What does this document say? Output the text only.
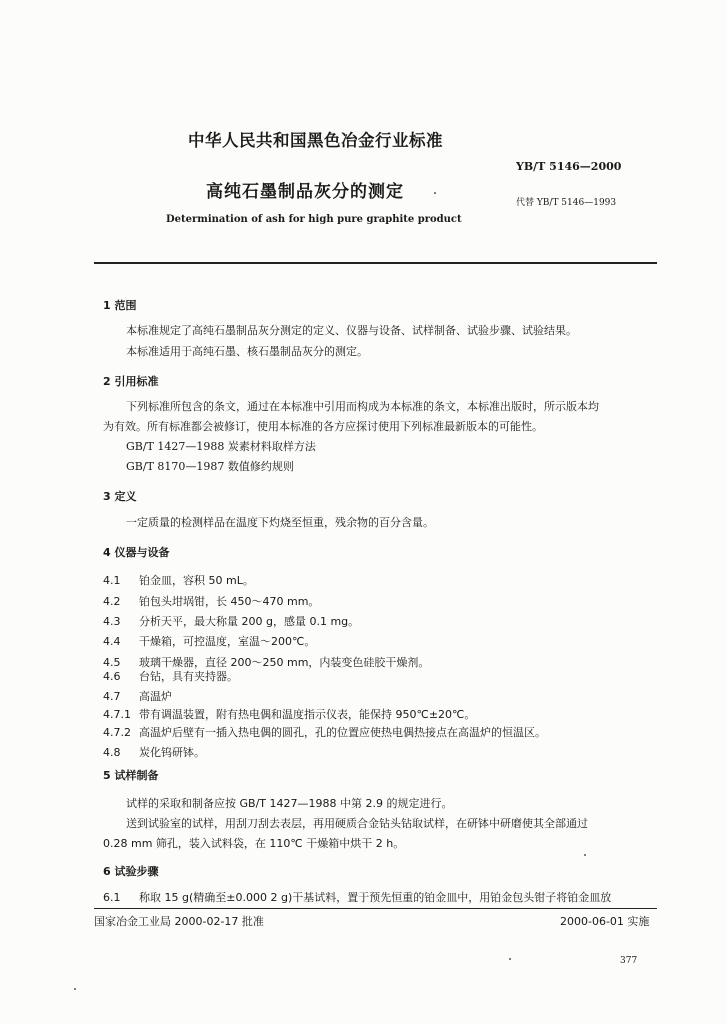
中华人民共和国黑色冶金行业标准
YB/T 5146—2000
高纯石墨制品灰分的测定
代替 YB/T 5146—1993
Determination of ash for high pure graphite product
1 范围
本标准规定了高纯石墨制品灰分测定的定义、仪器与设备、试样制备、试验步骤、试验结果。
本标准适用于高纯石墨、核石墨制品灰分的测定。
2 引用标准
下列标准所包含的条文，通过在本标准中引用而构成为本标准的条文，本标准出版时，所示版本均
为有效。所有标准都会被修订，使用本标准的各方应探讨使用下列标准最新版本的可能性。
GB/T 1427—1988 炭素材料取样方法
GB/T 8170—1987 数值修约规则
3 定义
一定质量的检测样品在温度下灼烧至恒重，残余物的百分含量。
4 仪器与设备
4.1 铂金皿，容积 50 mL。
4.2 铂包头坩埚钳，长 450～470 mm。
4.3 分析天平，最大称量 200 g，感量 0.1 mg。
4.4 干燥箱，可控温度，室温～200℃。
4.5 玻璃干燥器，直径 200～250 mm，内装变色硅胶干燥剂。
4.6 台钻，具有夹持器。
4.7 高温炉
4.7.1 带有调温装置，附有热电偶和温度指示仪表，能保持 950℃±20℃。
4.7.2 高温炉后壁有一插入热电偶的圆孔，孔的位置应使热电偶热接点在高温炉的恒温区。
4.8 炭化钨研钵。
5 试样制备
试样的采取和制备应按 GB/T 1427—1988 中第 2.9 的规定进行。
送到试验室的试样，用刮刀刮去表层，再用硬质合金钻头钻取试样，在研钵中研磨使其全部通过
0.28 mm 筛孔，装入试料袋，在 110℃ 干燥箱中烘干 2 h。
6 试验步骤
6.1 称取 15 g(精确至±0.000 2 g)干基试料，置于预先恒重的铂金皿中，用铂金包头钳子将铂金皿放
国家冶金工业局 2000-02-17 批准	2000-06-01 实施
377
